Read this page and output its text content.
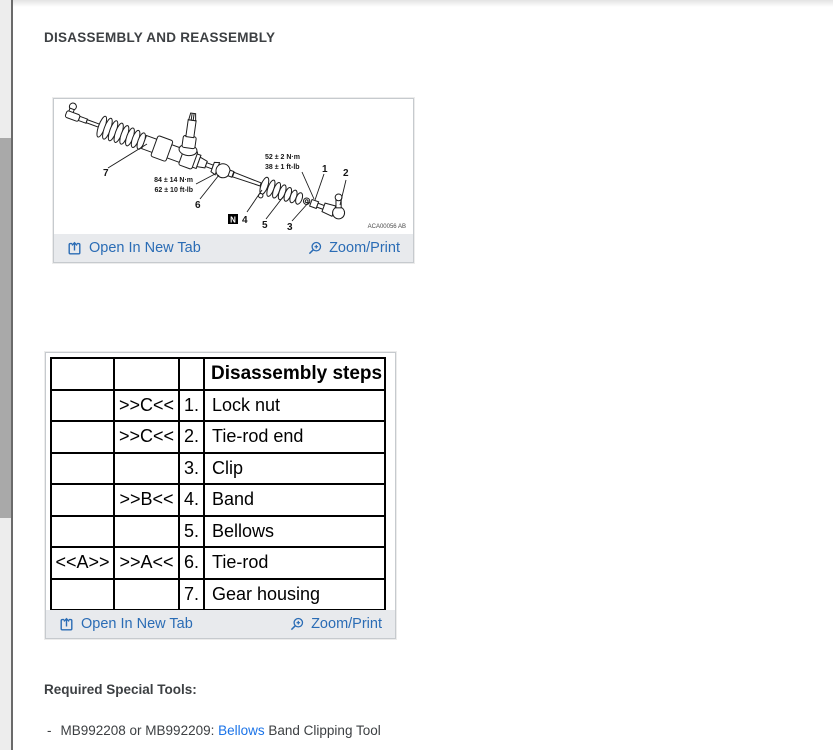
DISASSEMBLY AND REASSEMBLY
84 ± 14 N·m
62 ± 10 ft-lb
52 ± 2 N·m
38 ± 1 ft-lb
7
6
4 5 3
1 2
N
ACA00056 AB
Open In New Tab	Zoom/Print
			Disassembly steps
	>>C<<	1.	Lock nut
	>>C<<	2.	Tie-rod end
		3.	Clip
	>>B<<	4.	Band
		5.	Bellows
<<A>>	>>A<<	6.	Tie-rod
		7.	Gear housing
Open In New Tab	Zoom/Print
Required Special Tools:
- MB992208 or MB992209: Bellows Band Clipping Tool
